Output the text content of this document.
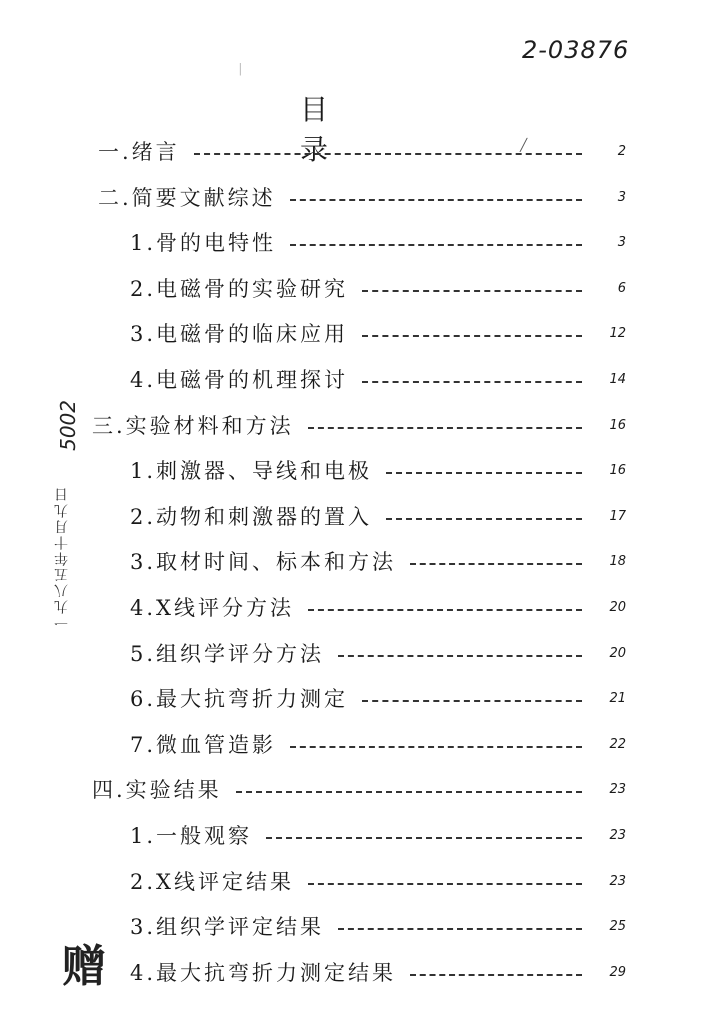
2-03876
ᛁ
目录	╱
5002
一九八五年十月九日
赠
一.绪言	2
二.简要文献综述	3
1.骨的电特性	3
2.电磁骨的实验研究	6
3.电磁骨的临床应用	12
4.电磁骨的机理探讨	14
三.实验材料和方法	16
1.刺激器、导线和电极	16
2.动物和刺激器的置入	17
3.取材时间、标本和方法	18
4.X线评分方法	20
5.组织学评分方法	20
6.最大抗弯折力测定	21
7.微血管造影	22
四.实验结果	23
1.一般观察	23
2.X线评定结果	23
3.组织学评定结果	25
4.最大抗弯折力测定结果	29
